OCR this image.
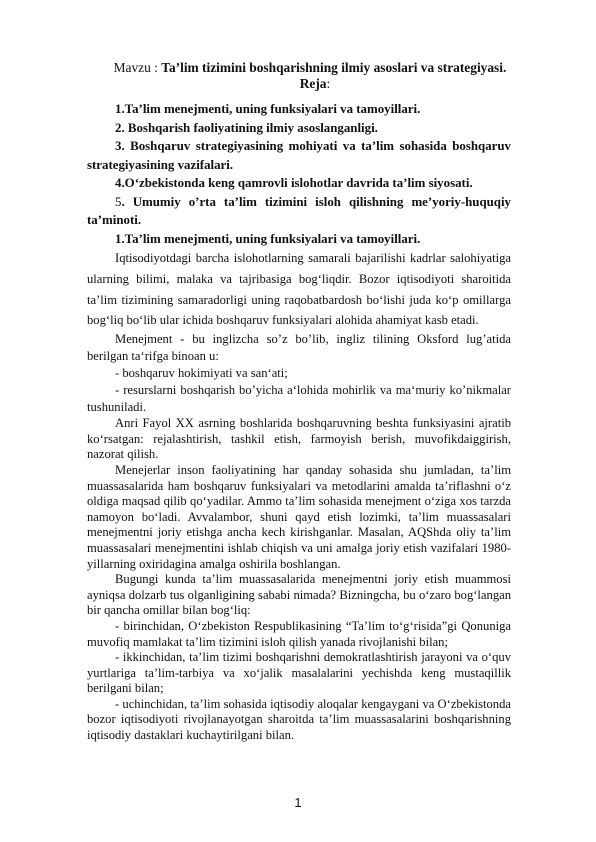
Mavzu : Ta’lim tizimini boshqarishning ilmiy asoslari va strategiyasi.
Reja:

1.Ta’lim menejmenti, uning funksiyalari va tamoyillari.

2. Boshqarish faoliyatining ilmiy asoslanganligi.

3. Boshqaruv strategiyasining mohiyati va ta’lim sohasida boshqaruv strategiyasining vazifalari.

4.O‘zbekistonda keng qamrovli islohotlar davrida ta’lim siyosati.

5. Umumiy o’rta ta’lim tizimini isloh qilishning me’yoriy-huquqiy ta’minoti.

1.Ta’lim menejmenti, uning funksiyalari va tamoyillari.

Iqtisodiyotdagi barcha islohotlarning samarali bajarilishi kadrlar salohiyatiga ularning bilimi, malaka va tajribasiga bog‘liqdir. Bozor iqtisodiyoti sharoitida ta’lim tizimining samaradorligi uning raqobatbardosh bo‘lishi juda ko‘p omillarga bog‘liq bo‘lib ular ichida boshqaruv funksiyalari alohida ahamiyat kasb etadi.

Menejment - bu inglizcha so’z bo’lib, ingliz tilining Oksford lug’atida berilgan ta‘rifga binoan u:

- boshqaruv hokimiyati va san‘ati;

- resurslarni boshqarish bo’yicha a‘lohida mohirlik va ma‘muriy ko’nikmalar tushuniladi.

Anri Fayol XX asrning boshlarida boshqaruvning beshta funksiyasini ajratib ko‘rsatgan: rejalashtirish, tashkil etish, farmoyish berish, muvofikdaiggirish, nazorat qilish.

Menejerlar inson faoliyatining har qanday sohasida shu jumladan, ta’lim muassasalarida ham boshqaruv funksiyalari va metodlarini amalda ta’riflashni o‘z oldiga maqsad qilib qo‘yadilar. Ammo ta’lim sohasida menejment o‘ziga xos tarzda namoyon bo‘ladi. Avvalambor, shuni qayd etish lozimki, ta’lim muassasalari menejmentni joriy etishga ancha kech kirishganlar. Masalan, AQShda oliy ta’lim muassasalari menejmentini ishlab chiqish va uni amalga joriy etish vazifalari 1980-yillarning oxiridagina amalga oshirila boshlangan.

Bugungi kunda ta’lim muassasalarida menejmentni joriy etish muammosi ayniqsa dolzarb tus olganligining sababi nimada? Bizningcha, bu o‘zaro bog‘langan bir qancha omillar bilan bog‘liq:

- birinchidan, O‘zbekiston Respublikasining “Ta’lim to‘g‘risida”gi Qonuniga muvofiq mamlakat ta’lim tizimini isloh qilish yanada rivojlanishi bilan;

- ikkinchidan, ta’lim tizimi boshqarishni demokratlashtirish jarayoni va o‘quv yurtlariga ta’lim-tarbiya va xo‘jalik masalalarini yechishda keng mustaqillik berilgani bilan;

- uchinchidan, ta’lim sohasida iqtisodiy aloqalar kengaygani va O‘zbekistonda bozor iqtisodiyoti rivojlanayotgan sharoitda ta’lim muassasalarini boshqarishning iqtisodiy dastaklari kuchaytirilgani bilan.

1
